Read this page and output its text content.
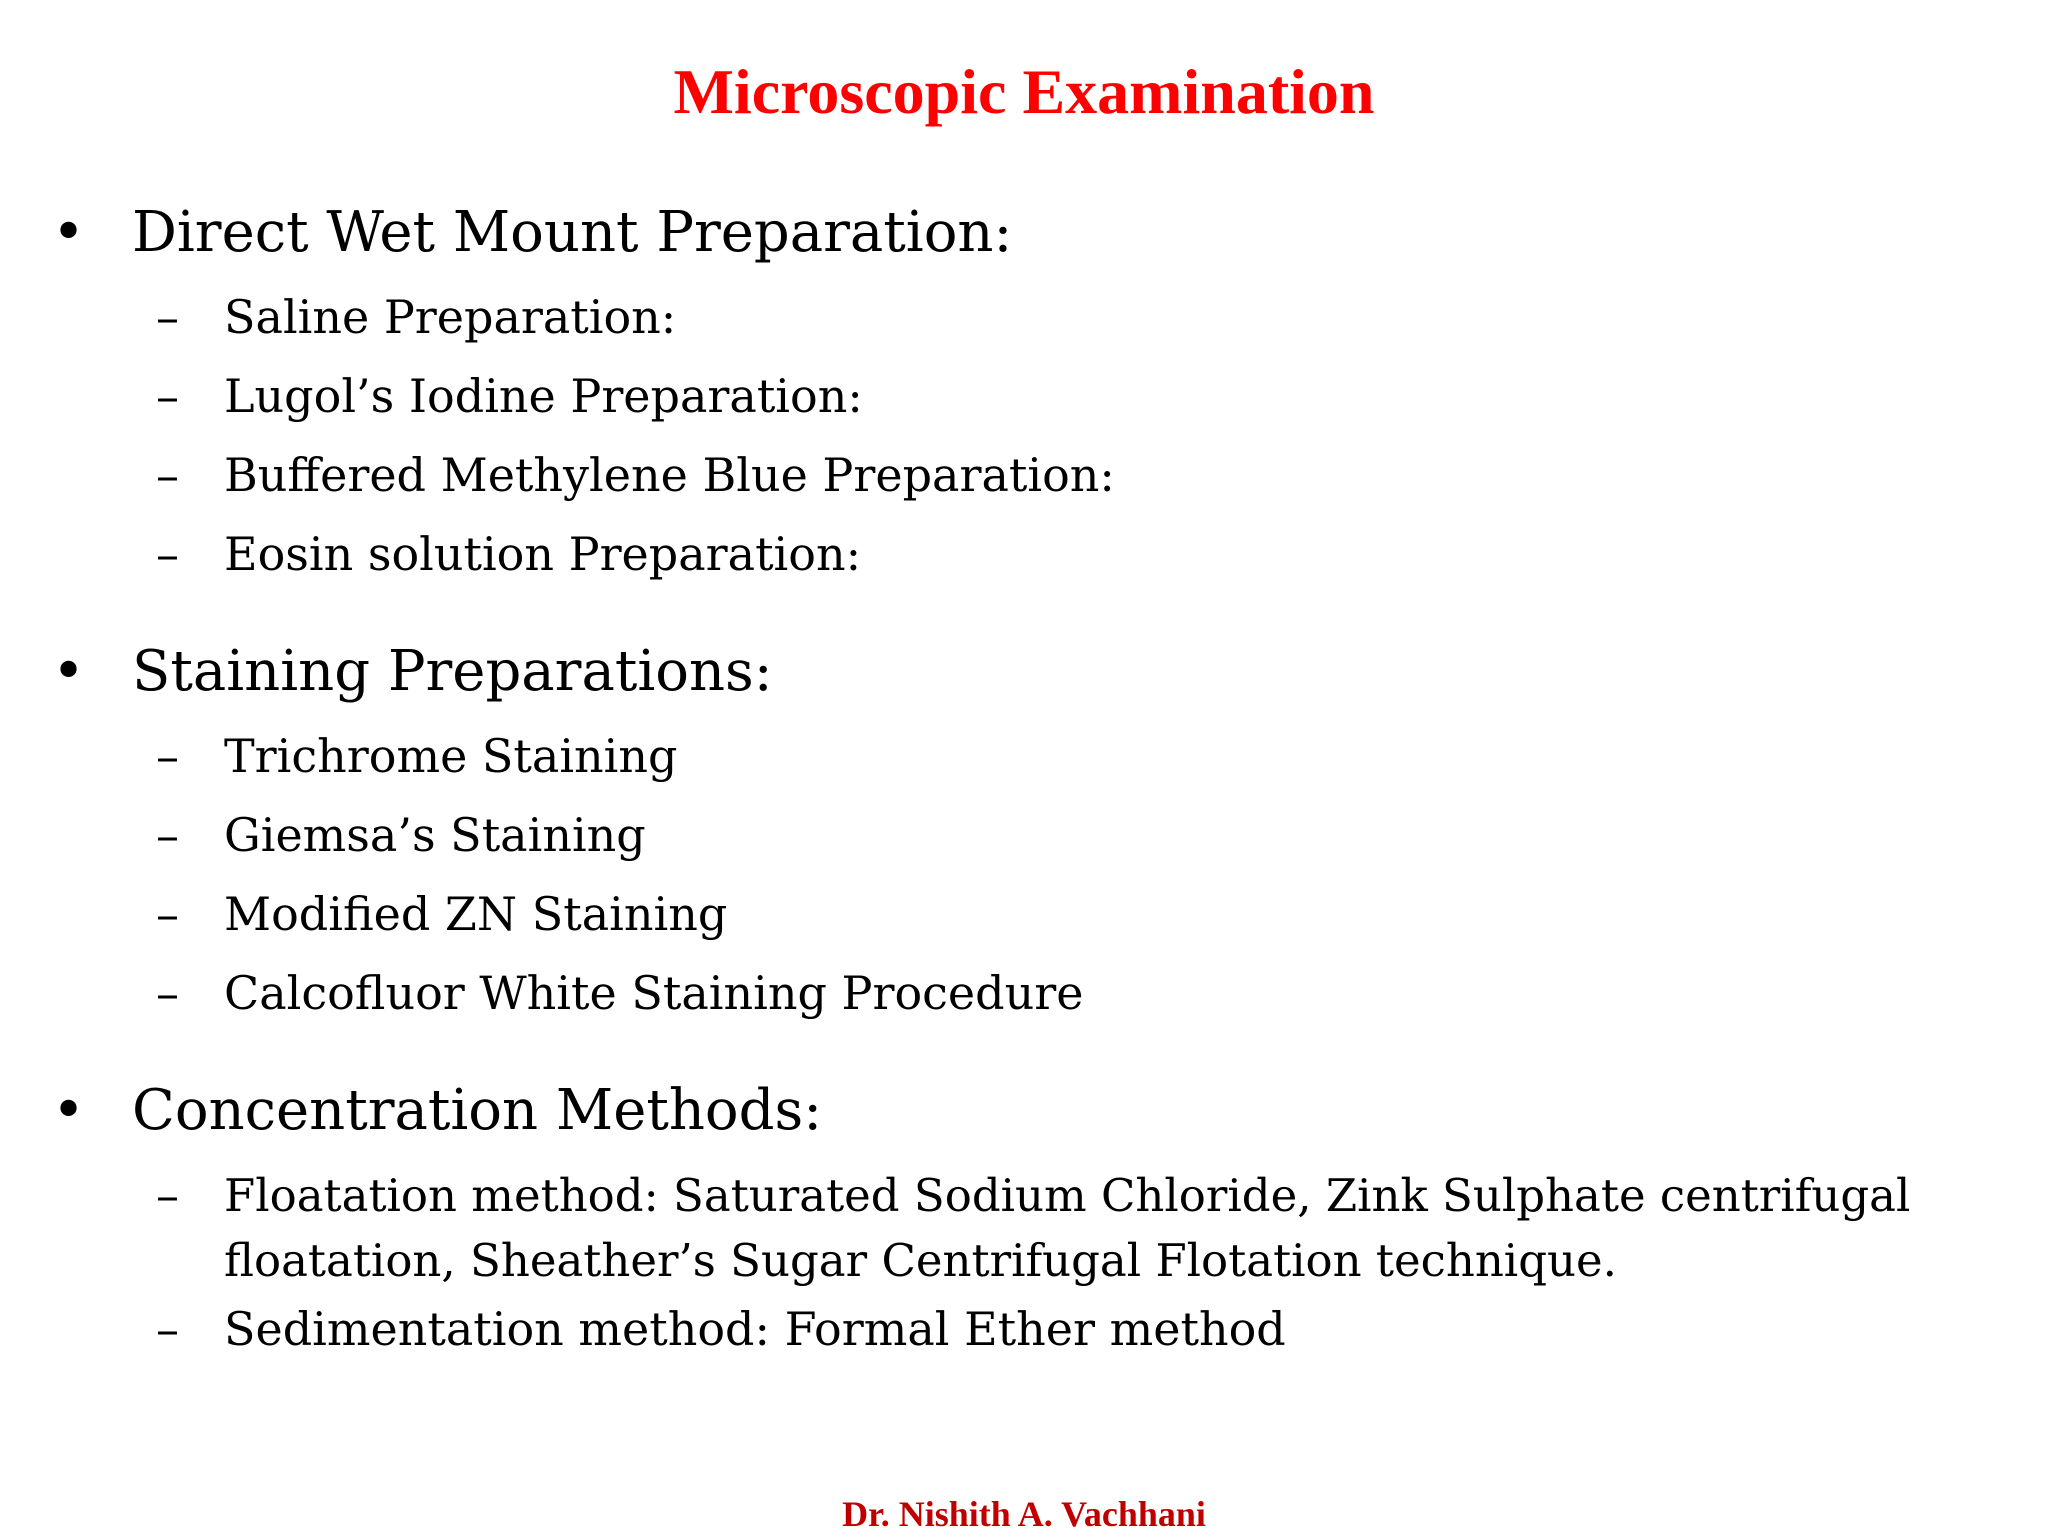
Microscopic Examination
• Direct Wet Mount Preparation:
– Saline Preparation:
– Lugol’s Iodine Preparation:
– Buffered Methylene Blue Preparation:
– Eosin solution Preparation:
• Staining Preparations:
– Trichrome Staining
– Giemsa’s Staining
– Modified ZN Staining
– Calcofluor White Staining Procedure
• Concentration Methods:
– Floatation method: Saturated Sodium Chloride, Zink Sulphate centrifugal floatation, Sheather’s Sugar Centrifugal Flotation technique.
– Sedimentation method: Formal Ether method
Dr. Nishith A. Vachhani
